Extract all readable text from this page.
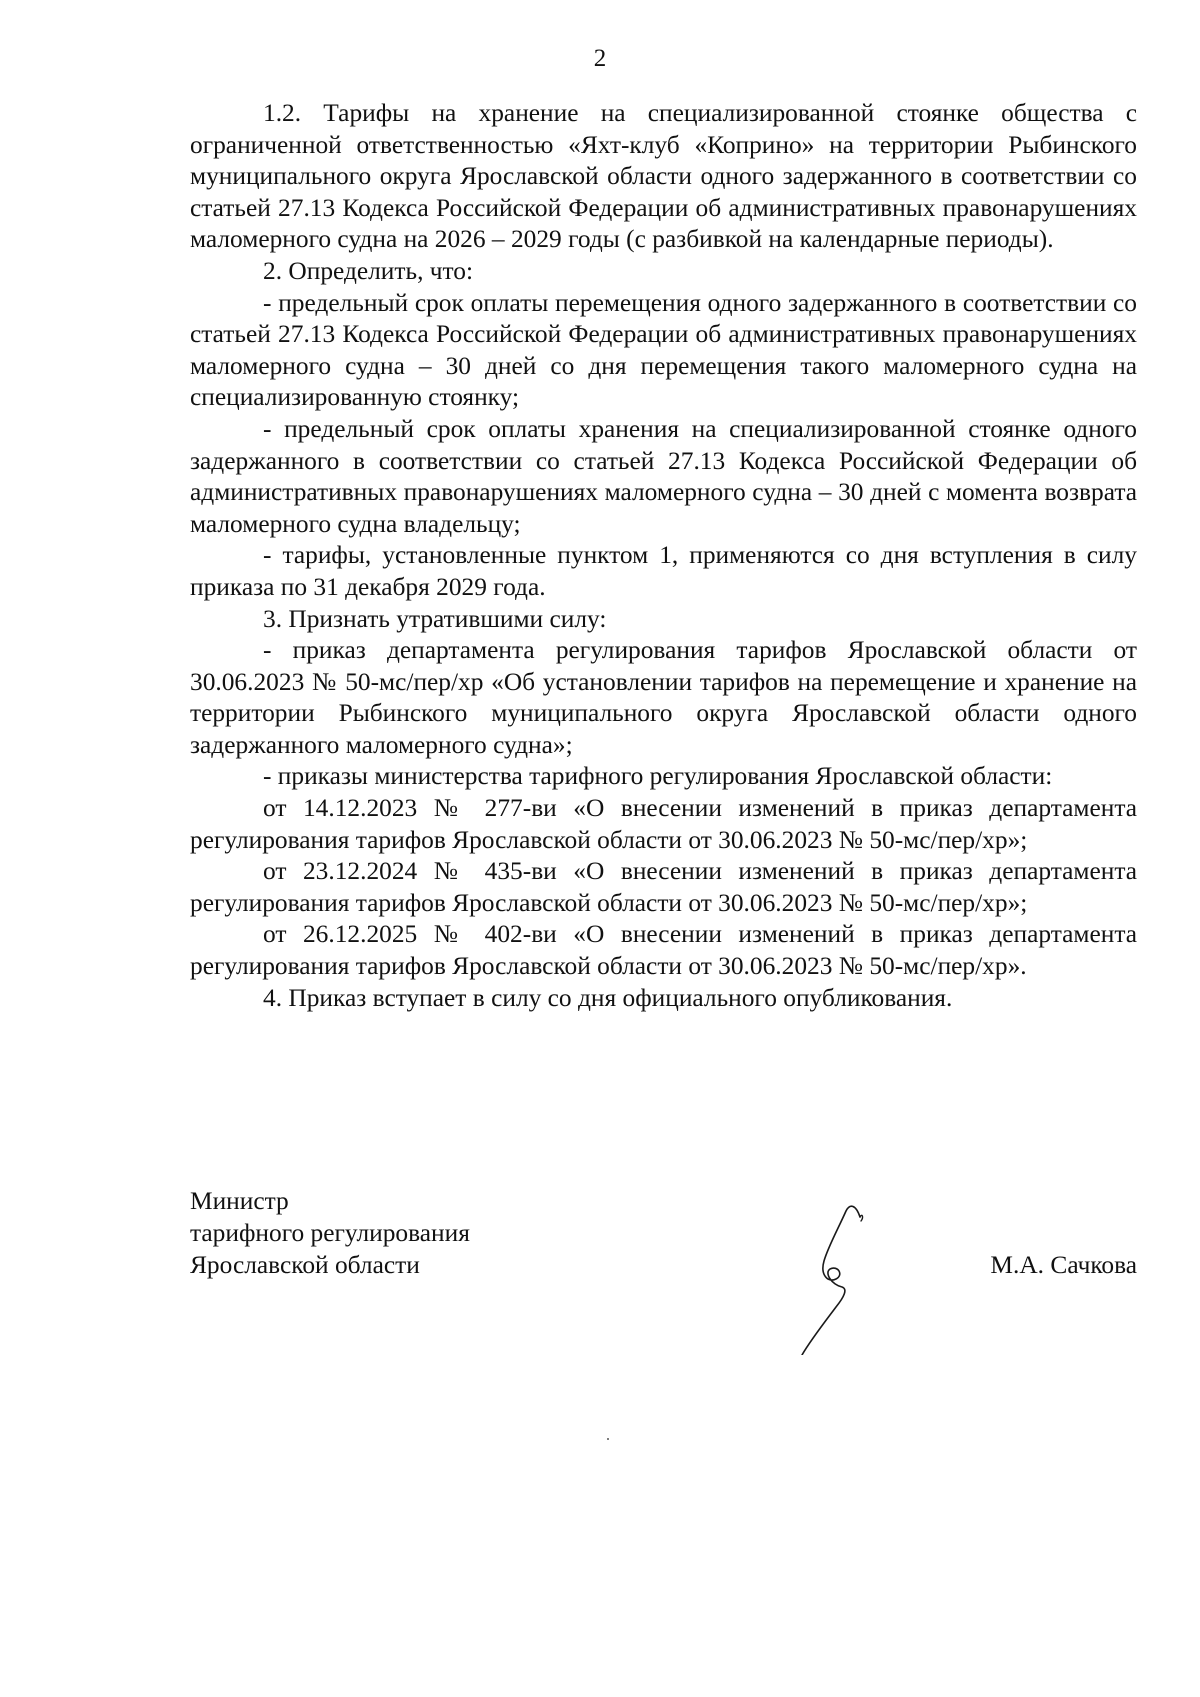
2

1.2. Тарифы на хранение на специализированной стоянке общества с ограниченной ответственностью «Яхт-клуб «Коприно» на территории Рыбинского муниципального округа Ярославской области одного задержанного в соответствии со статьей 27.13 Кодекса Российской Федерации об административных правонарушениях маломерного судна на 2026 – 2029 годы (с разбивкой на календарные периоды).

2. Определить, что:

- предельный срок оплаты перемещения одного задержанного в соответствии со статьей 27.13 Кодекса Российской Федерации об административных правонарушениях маломерного судна – 30 дней со дня перемещения такого маломерного судна на специализированную стоянку;

- предельный срок оплаты хранения на специализированной стоянке одного задержанного в соответствии со статьей 27.13 Кодекса Российской Федерации об административных правонарушениях маломерного судна – 30 дней с момента возврата маломерного судна владельцу;

- тарифы, установленные пунктом 1, применяются со дня вступления в силу приказа по 31 декабря 2029 года.

3. Признать утратившими силу:

- приказ департамента регулирования тарифов Ярославской области от 30.06.2023 № 50-мс/пер/хр «Об установлении тарифов на перемещение и хранение на территории Рыбинского муниципального округа Ярославской области одного задержанного маломерного судна»;

- приказы министерства тарифного регулирования Ярославской области:

от 14.12.2023 № 277-ви «О внесении изменений в приказ департамента регулирования тарифов Ярославской области от 30.06.2023 № 50-мс/пер/хр»;

от 23.12.2024 № 435-ви «О внесении изменений в приказ департамента регулирования тарифов Ярославской области от 30.06.2023 № 50-мс/пер/хр»;

от 26.12.2025 № 402-ви «О внесении изменений в приказ департамента регулирования тарифов Ярославской области от 30.06.2023 № 50-мс/пер/хр».

4. Приказ вступает в силу со дня официального опубликования.

Министр
тарифного регулирования
Ярославской области	М.А. Сачкова
